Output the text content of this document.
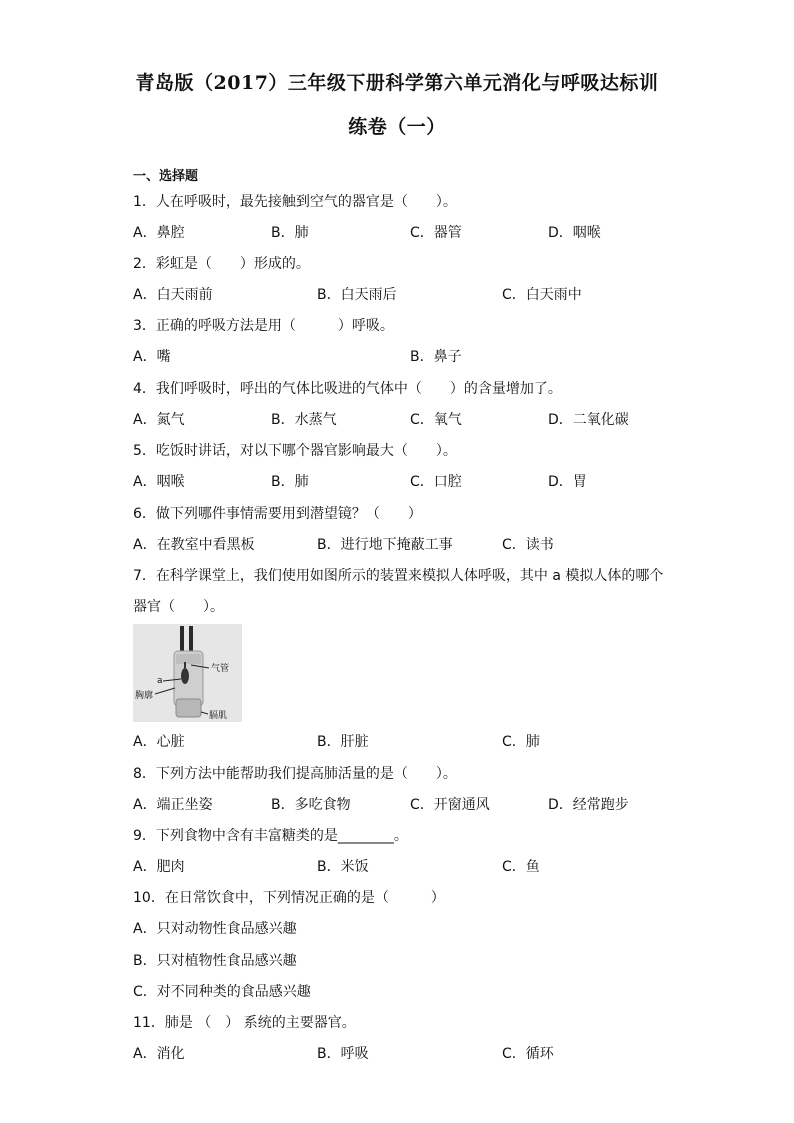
青岛版（2017）三年级下册科学第六单元消化与呼吸达标训
练卷（一）
一、选择题
1．人在呼吸时，最先接触到空气的器官是（　　）。
A．鼻腔	B．肺	C．器管	D．咽喉
2．彩虹是（　　）形成的。
A．白天雨前	B．白天雨后	C．白天雨中
3．正确的呼吸方法是用（　　　）呼吸。
A．嘴	B．鼻子
4．我们呼吸时，呼出的气体比吸进的气体中（　　）的含量增加了。
A．氮气	B．水蒸气	C．氧气	D．二氧化碳
5．吃饭时讲话，对以下哪个器官影响最大（　　）。
A．咽喉	B．肺	C．口腔	D．胃
6．做下列哪件事情需要用到潜望镜？（　　）
A．在教室中看黑板	B．进行地下掩蔽工事	C．读书
7．在科学课堂上，我们使用如图所示的装置来模拟人体呼吸，其中 a 模拟人体的哪个
器官（　　）。
气管
a
胸廓
膈肌
A．心脏	B．肝脏	C．肺
8．下列方法中能帮助我们提高肺活量的是（　　）。
A．端正坐姿	B．多吃食物	C．开窗通风	D．经常跑步
9．下列食物中含有丰富糖类的是________。
A．肥肉	B．米饭	C．鱼
10．在日常饮食中，下列情况正确的是（　　　）
A．只对动物性食品感兴趣
B．只对植物性食品感兴趣
C．对不同种类的食品感兴趣
11．肺是 （　） 系统的主要器官。
A．消化	B．呼吸	C．循环
